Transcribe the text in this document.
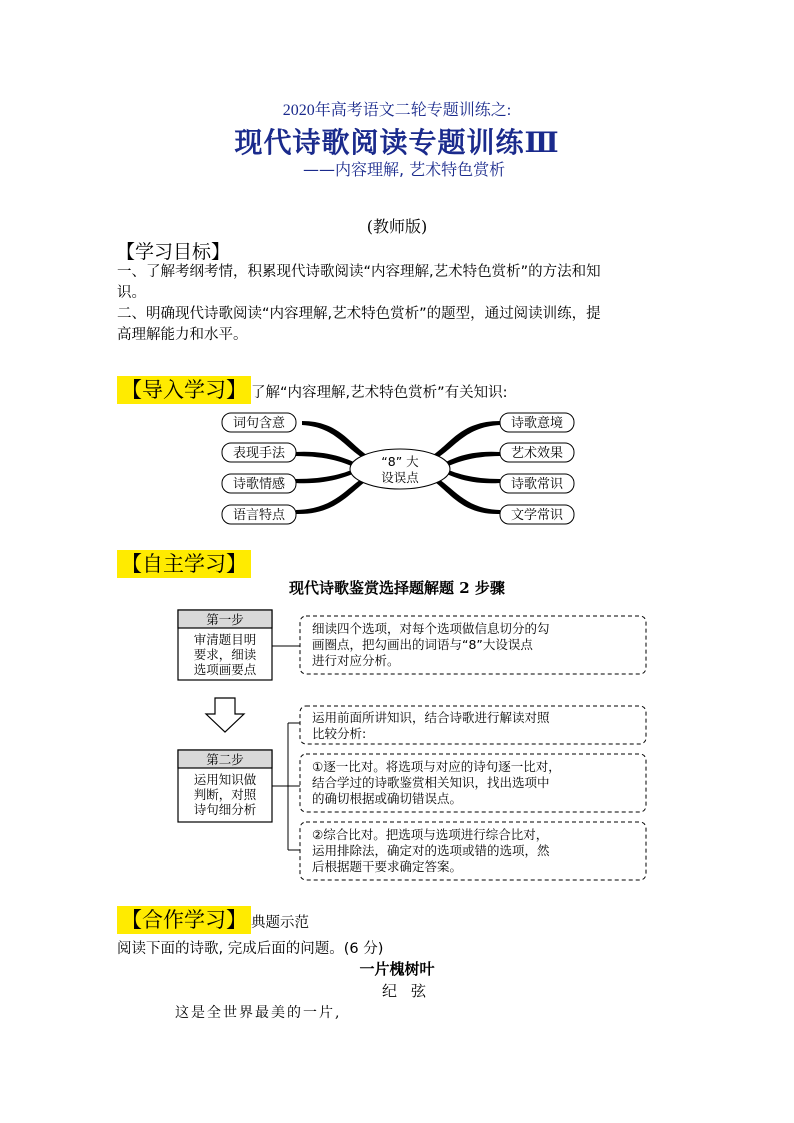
2020年高考语文二轮专题训练之:
现代诗歌阅读专题训练Ⅲ
——内容理解, 艺术特色赏析
(教师版)
【学习目标】
一、了解考纲考情，积累现代诗歌阅读“内容理解,艺术特色赏析”的方法和知
识。
二、明确现代诗歌阅读“内容理解,艺术特色赏析”的题型，通过阅读训练，提
高理解能力和水平。
【导入学习】 了解“内容理解,艺术特色赏析”有关知识:
“8” 大
设误点
词句含意
表现手法
诗歌情感
语言特点
诗歌意境
艺术效果
诗歌常识
文学常识
【自主学习】
现代诗歌鉴赏选择题解题 2 步骤
第一步
审清题目明
要求，细读
选项画要点
细读四个选项，对每个选项做信息切分的勾
画圈点，把勾画出的词语与“8”大设误点
进行对应分析。
第二步
运用知识做
判断，对照
诗句细分析
运用前面所讲知识，结合诗歌进行解读对照
比较分析:
①逐一比对。将选项与对应的诗句逐一比对，
结合学过的诗歌鉴赏相关知识，找出选项中
的确切根据或确切错误点。
②综合比对。把选项与选项进行综合比对，
运用排除法，确定对的选项或错的选项，然
后根据题干要求确定答案。
【合作学习】 典题示范
阅读下面的诗歌, 完成后面的问题。(6 分)
一片槐树叶
纪弦
这是全世界最美的一片,
